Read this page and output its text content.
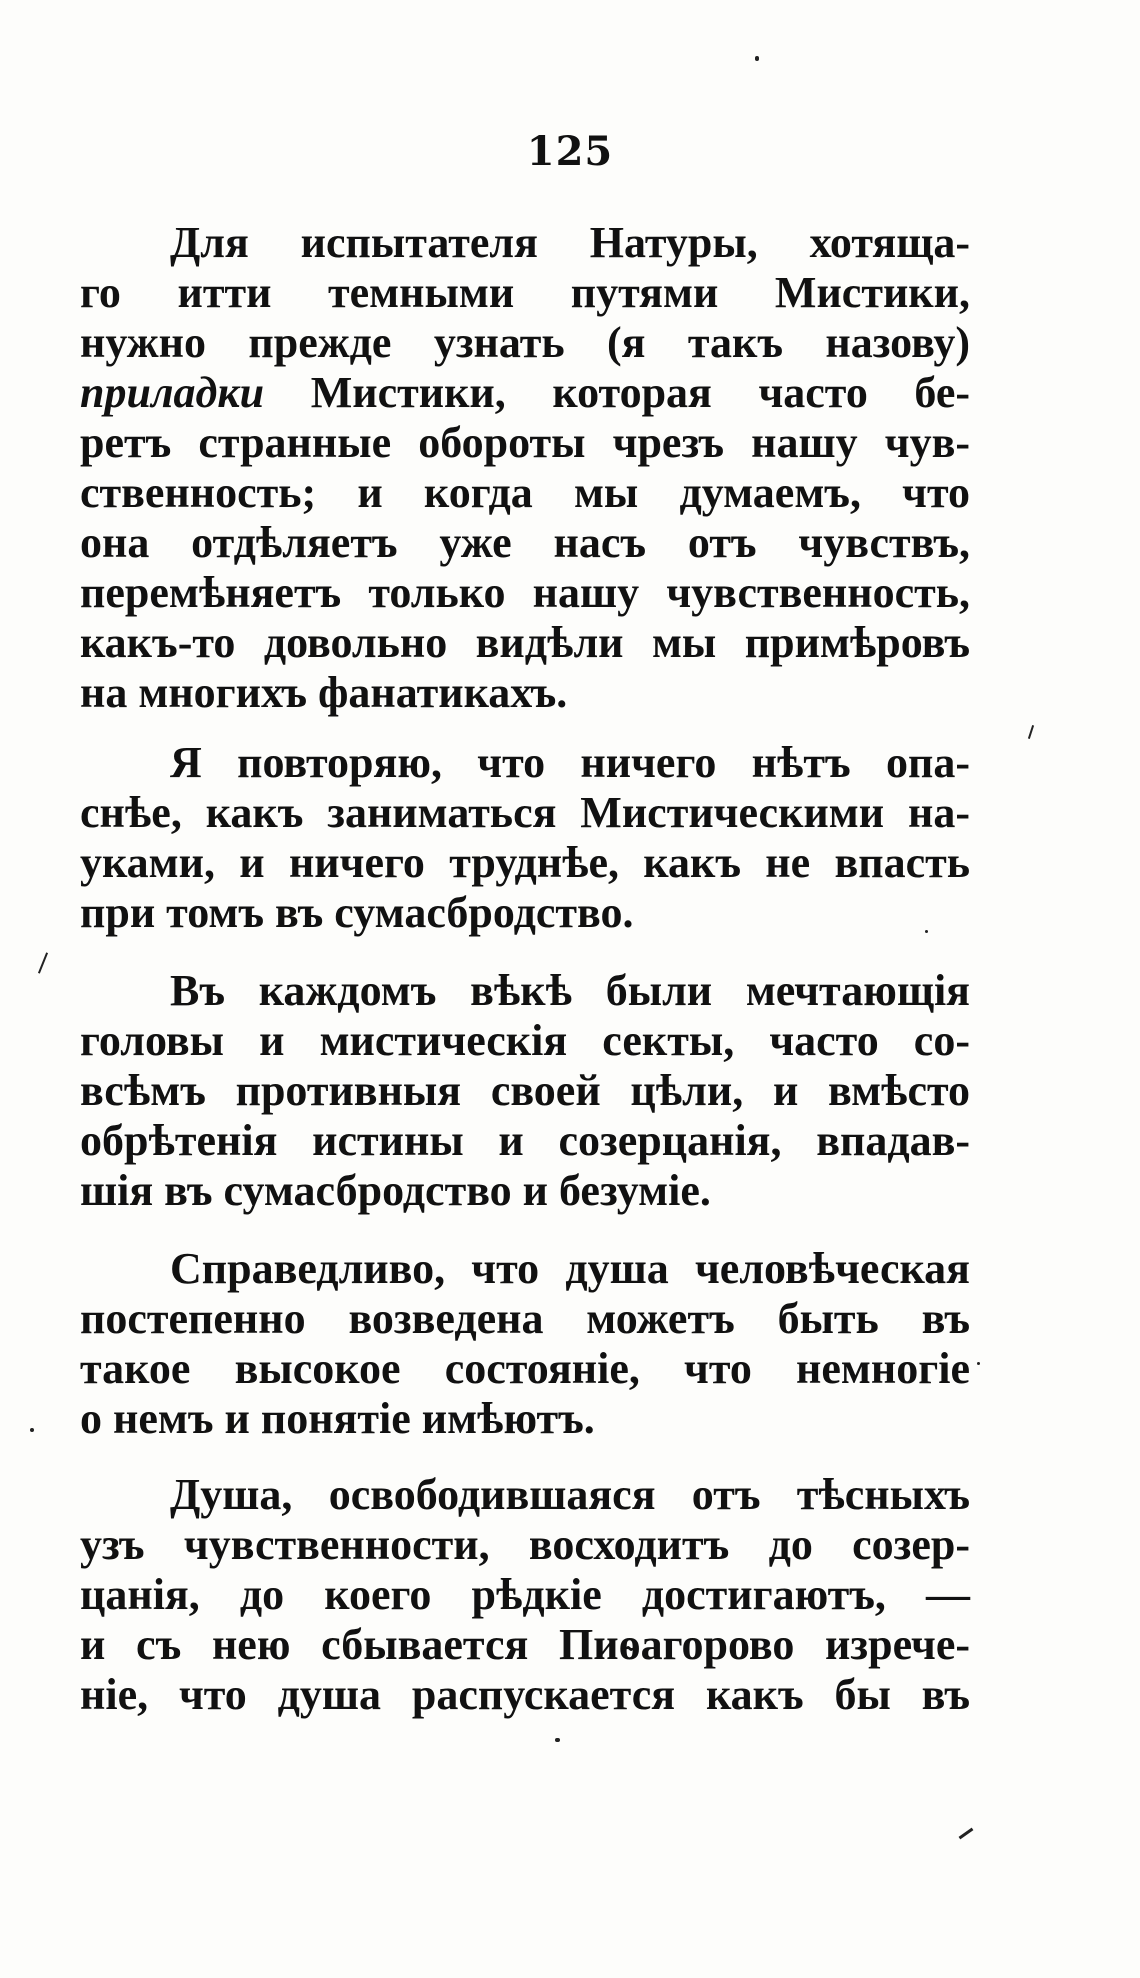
125
Для испытателя Натуры, хотяща-
го итти темными путями Мистики,
нужно прежде узнать (я такъ назову)
приладки Мистики, которая часто бе-
ретъ странные обороты чрезъ нашу чув-
ственность; и когда мы думаемъ, что
она отдѣляетъ уже насъ отъ чувствъ,
перемѣняетъ только нашу чувственность,
какъ-то довольно видѣли мы примѣровъ
на многихъ фанатикахъ.
Я повторяю, что ничего нѣтъ опа-
снѣе, какъ заниматься Мистическими на-
уками, и ничего труднѣе, какъ не впасть
при томъ въ сумасбродство.
Въ каждомъ вѣкѣ были мечтающія
головы и мистическія секты, часто со-
всѣмъ противныя своей цѣли, и вмѣсто
обрѣтенія истины и созерцанія, впадав-
шія въ сумасбродство и безуміе.
Справедливо, что душа человѣческая
постепенно возведена можетъ быть въ
такое высокое состояніе, что немногіе
о немъ и понятіе имѣютъ.
Душа, освободившаяся отъ тѣсныхъ
узъ чувственности, восходитъ до созер-
цанія, до коего рѣдкіе достигаютъ, —
и съ нею сбывается Пиѳагорово изрече-
ніе, что душа распускается какъ бы въ
